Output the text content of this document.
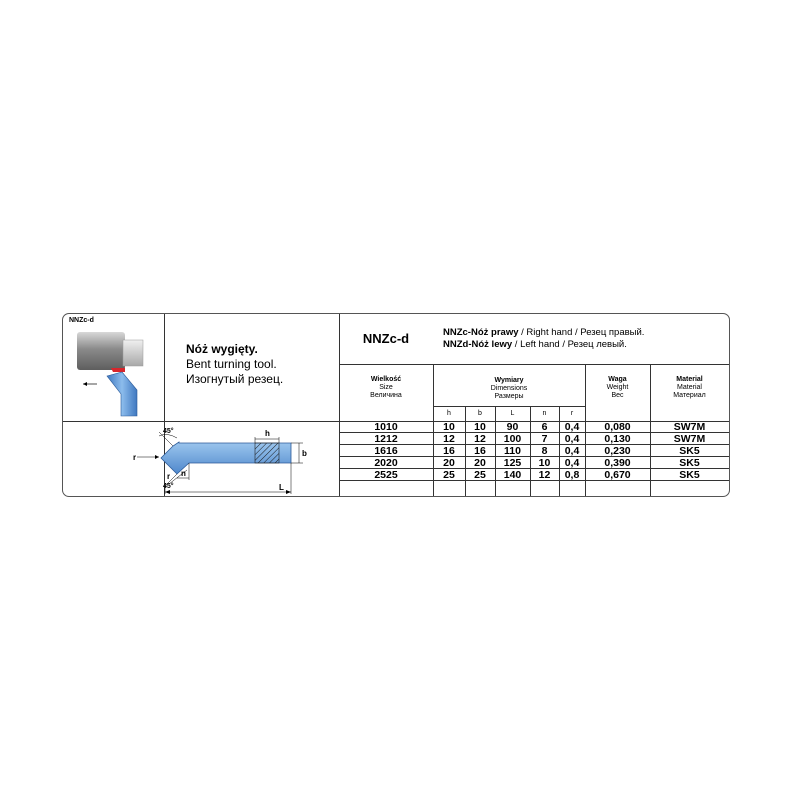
NNZc-d
Nóż wygięty.
Bent turning tool.
Изогнутый резец.
NNZc-d	NNZc-Nóż prawy / Right hand / Резец правый.
NNZd-Nóż lewy / Left hand / Резец левый.
Wielkość
Size
Величина
Wymiary
Dimensions
Размеры
Waga
Weight
Вес
Material
Material
Материал
h	b	L	n	r
1010	10	10	90	6	0,4	0,080	SW7M
1212	12	12	100	7	0,4	0,130	SW7M
1616	16	16	110	8	0,4	0,230	SK5
2020	20	20	125	10	0,4	0,390	SK5
2525	25	25	140	12	0,8	0,670	SK5
45°
45°
h
b
r
r n
L
